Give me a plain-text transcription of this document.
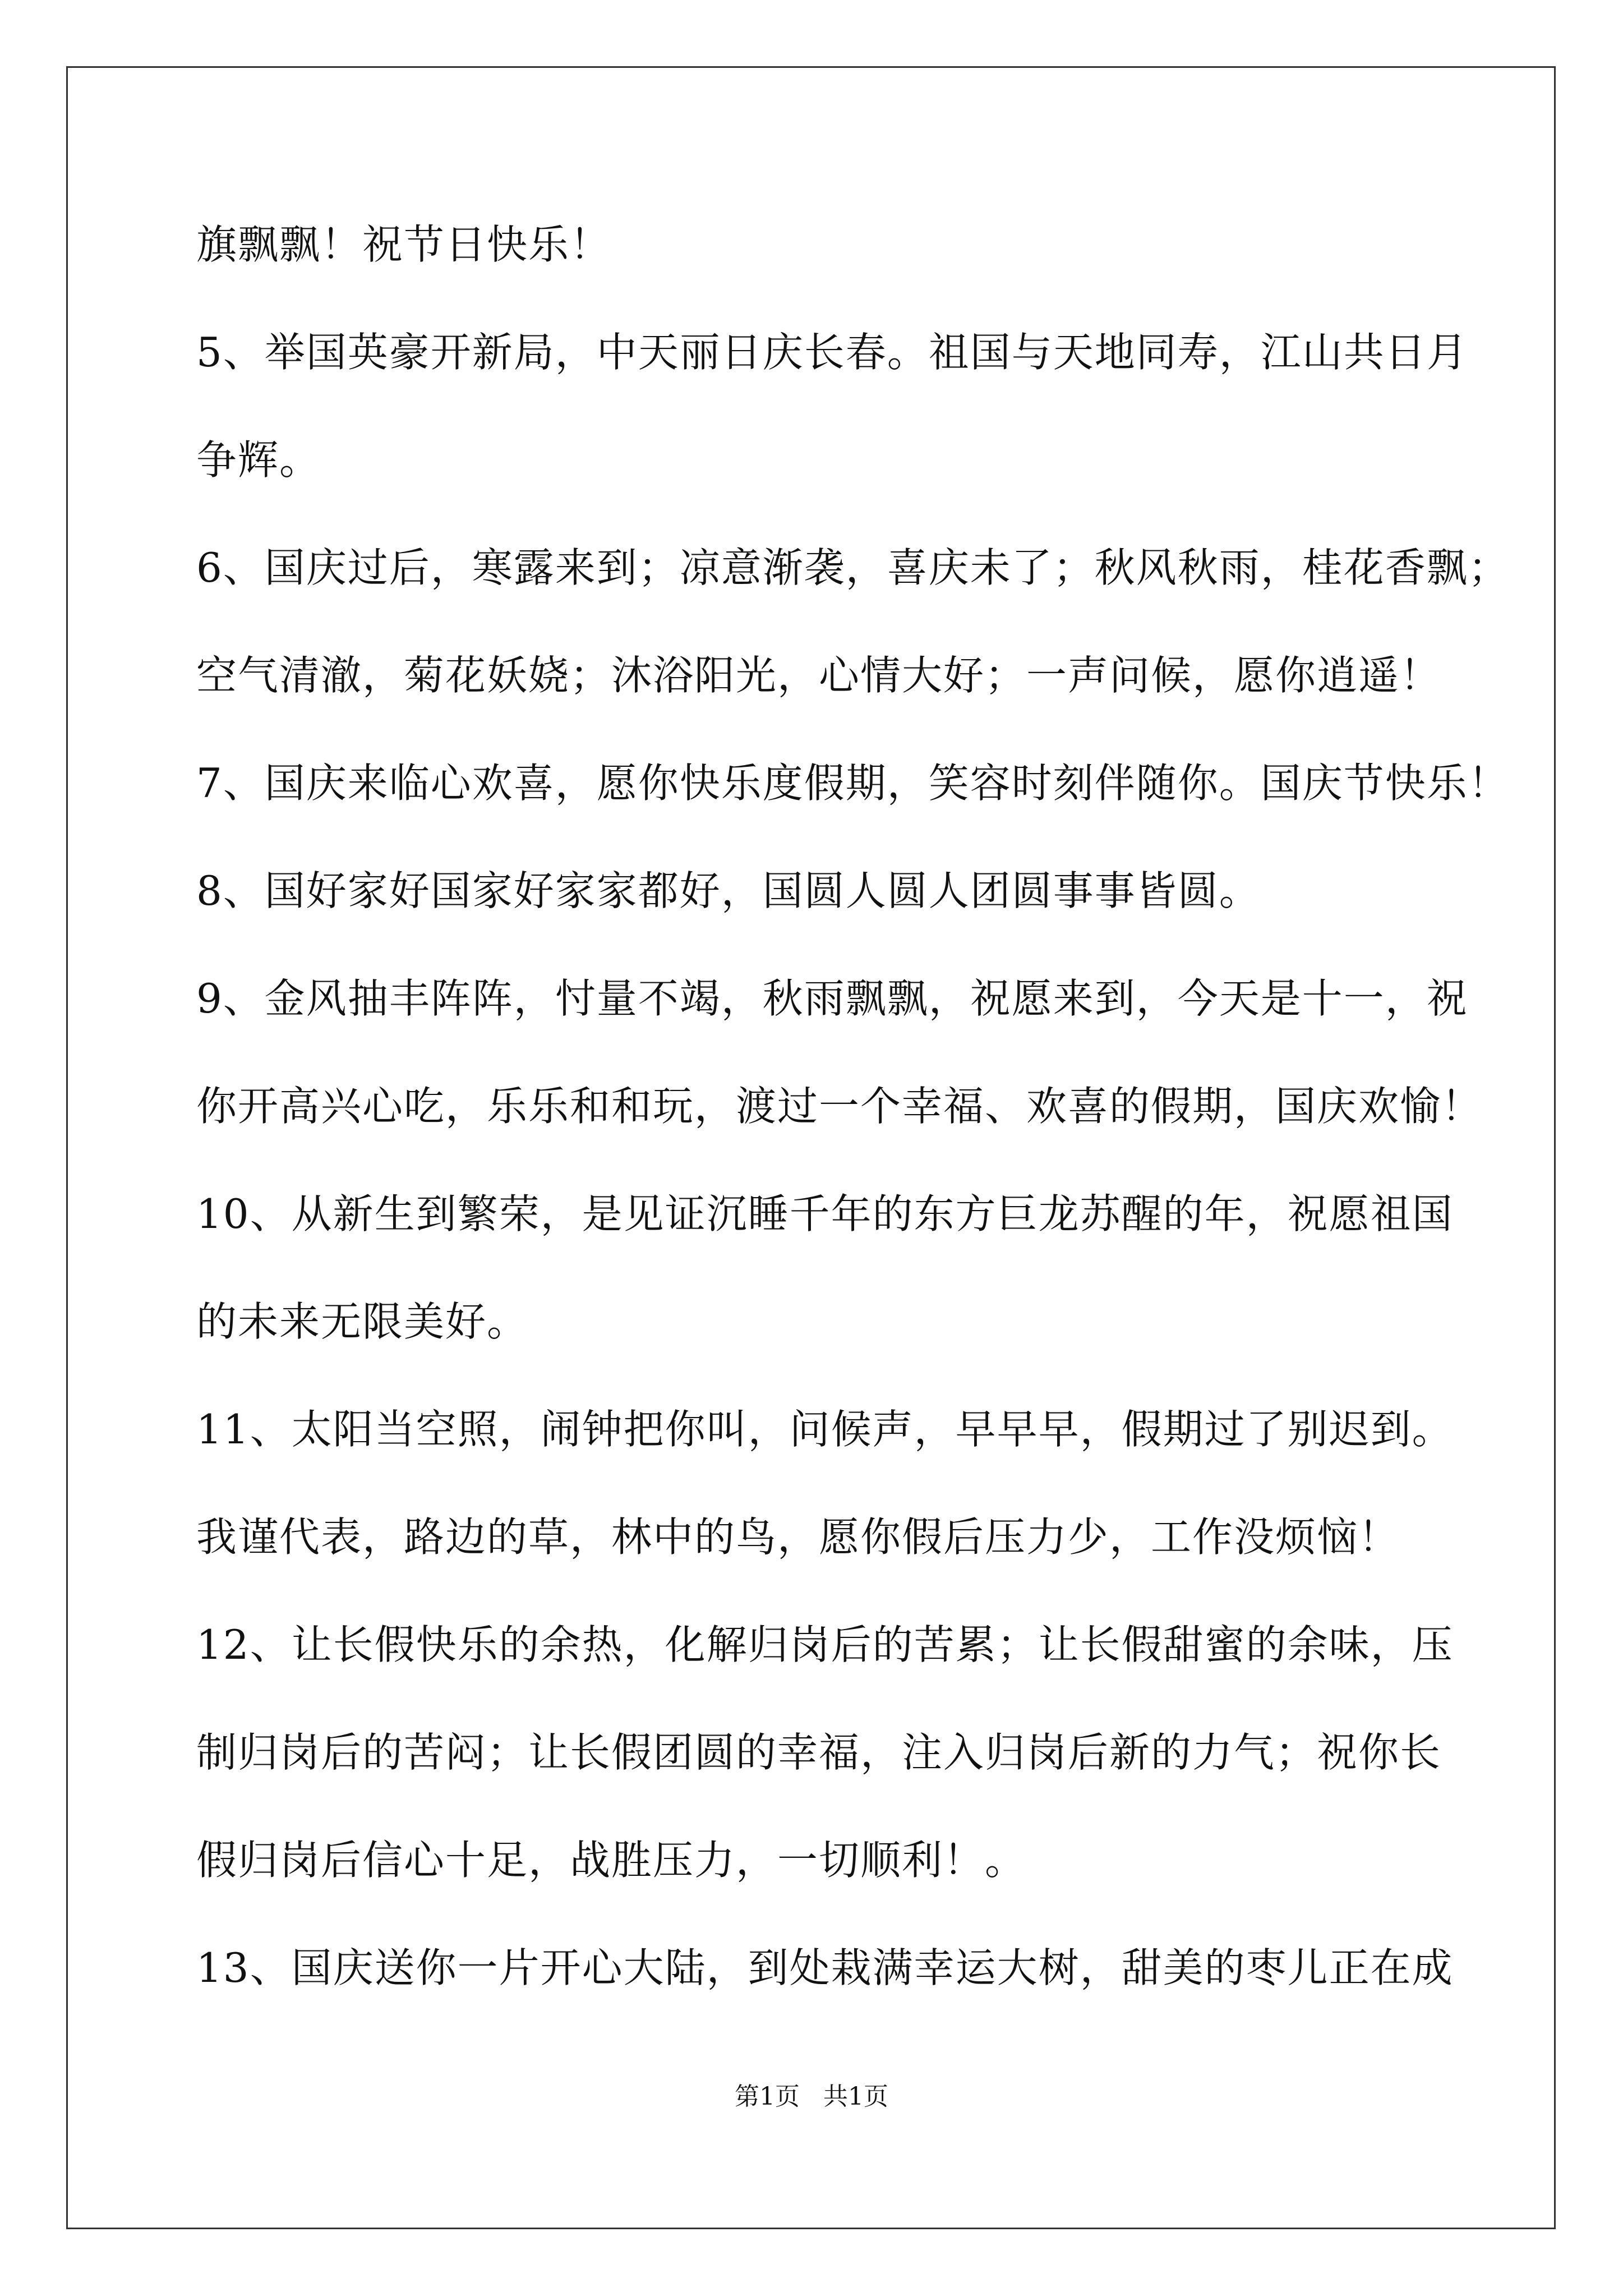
旗飘飘！祝节日快乐！
5、举国英豪开新局，中天丽日庆长春。祖国与天地同寿，江山共日月
争辉。
6、国庆过后，寒露来到；凉意渐袭，喜庆未了；秋风秋雨，桂花香飘；
空气清澈，菊花妖娆；沐浴阳光，心情大好；一声问候，愿你逍遥！
7、国庆来临心欢喜，愿你快乐度假期，笑容时刻伴随你。国庆节快乐！
8、国好家好国家好家家都好，国圆人圆人团圆事事皆圆。
9、金风抽丰阵阵，忖量不竭，秋雨飘飘，祝愿来到，今天是十一，祝
你开高兴心吃，乐乐和和玩，渡过一个幸福、欢喜的假期，国庆欢愉！
10、从新生到繁荣，是见证沉睡千年的东方巨龙苏醒的年，祝愿祖国
的未来无限美好。
11、太阳当空照，闹钟把你叫，问候声，早早早，假期过了别迟到。
我谨代表，路边的草，林中的鸟，愿你假后压力少，工作没烦恼！
12、让长假快乐的余热，化解归岗后的苦累；让长假甜蜜的余味，压
制归岗后的苦闷；让长假团圆的幸福，注入归岗后新的力气；祝你长
假归岗后信心十足，战胜压力，一切顺利！。
13、国庆送你一片开心大陆，到处栽满幸运大树，甜美的枣儿正在成
第1页 共1页
